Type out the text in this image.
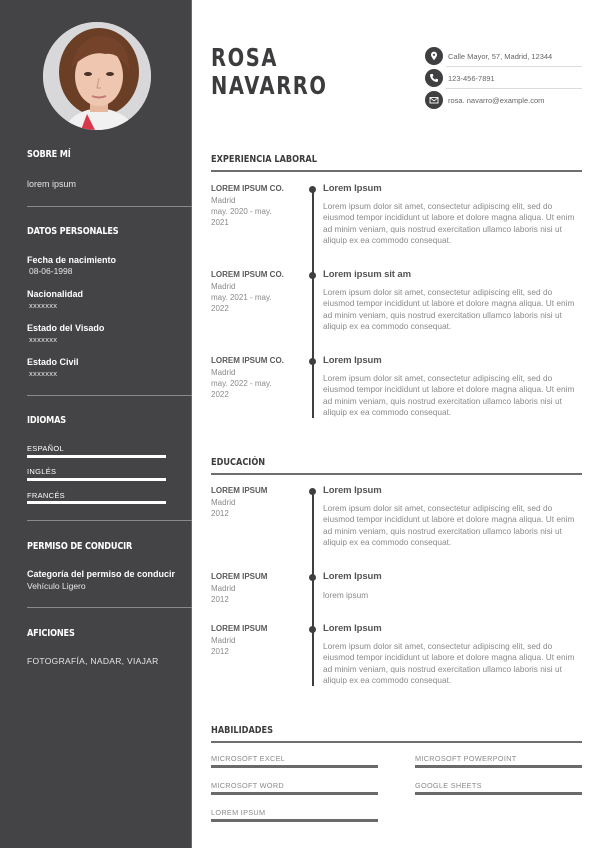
SOBRE MÍ
lorem ipsum
DATOS PERSONALES
Fecha de nacimiento
08-06-1998
Nacionalidad
xxxxxxx
Estado del Visado
xxxxxxx
Estado Civil
xxxxxxx
IDIOMAS
ESPAÑOL
INGLÉS
FRANCÉS
PERMISO DE CONDUCIR
Categoría del permiso de conducir
Vehículo Ligero
AFICIONES
FOTOGRAFÍA, NADAR, VIAJAR
ROSA
NAVARRO
Calle Mayor, 57, Madrid, 12344
123-456-7891
rosa. navarro@example.com
EXPERIENCIA LABORAL
LOREM IPSUM CO.
Madrid
may. 2020 - may.
2021
Lorem Ipsum
Lorem ipsum dolor sit amet, consectetur adipiscing elit, sed do eiusmod tempor incididunt ut labore et dolore magna aliqua. Ut enim ad minim veniam, quis nostrud exercitation ullamco laboris nisi ut aliquip ex ea commodo consequat.
LOREM IPSUM CO.
Madrid
may. 2021 - may.
2022
Lorem ipsum sit am
Lorem ipsum dolor sit amet, consectetur adipiscing elit, sed do eiusmod tempor incididunt ut labore et dolore magna aliqua. Ut enim ad minim veniam, quis nostrud exercitation ullamco laboris nisi ut aliquip ex ea commodo consequat.
LOREM IPSUM CO.
Madrid
may. 2022 - may.
2022
Lorem Ipsum
Lorem ipsum dolor sit amet, consectetur adipiscing elit, sed do eiusmod tempor incididunt ut labore et dolore magna aliqua. Ut enim ad minim veniam, quis nostrud exercitation ullamco laboris nisi ut aliquip ex ea commodo consequat.
EDUCACIÓN
LOREM IPSUM
Madrid
2012
Lorem Ipsum
Lorem ipsum dolor sit amet, consectetur adipiscing elit, sed do eiusmod tempor incididunt ut labore et dolore magna aliqua. Ut enim ad minim veniam, quis nostrud exercitation ullamco laboris nisi ut aliquip ex ea commodo consequat.
LOREM IPSUM
Madrid
2012
Lorem Ipsum
lorem ipsum
LOREM IPSUM
Madrid
2012
Lorem Ipsum
Lorem ipsum dolor sit amet, consectetur adipiscing elit, sed do eiusmod tempor incididunt ut labore et dolore magna aliqua. Ut enim ad minim veniam, quis nostrud exercitation ullamco laboris nisi ut aliquip ex ea commodo consequat.
HABILIDADES
MICROSOFT EXCEL	MICROSOFT POWERPOINT
MICROSOFT WORD	GOOGLE SHEETS
LOREM IPSUM
